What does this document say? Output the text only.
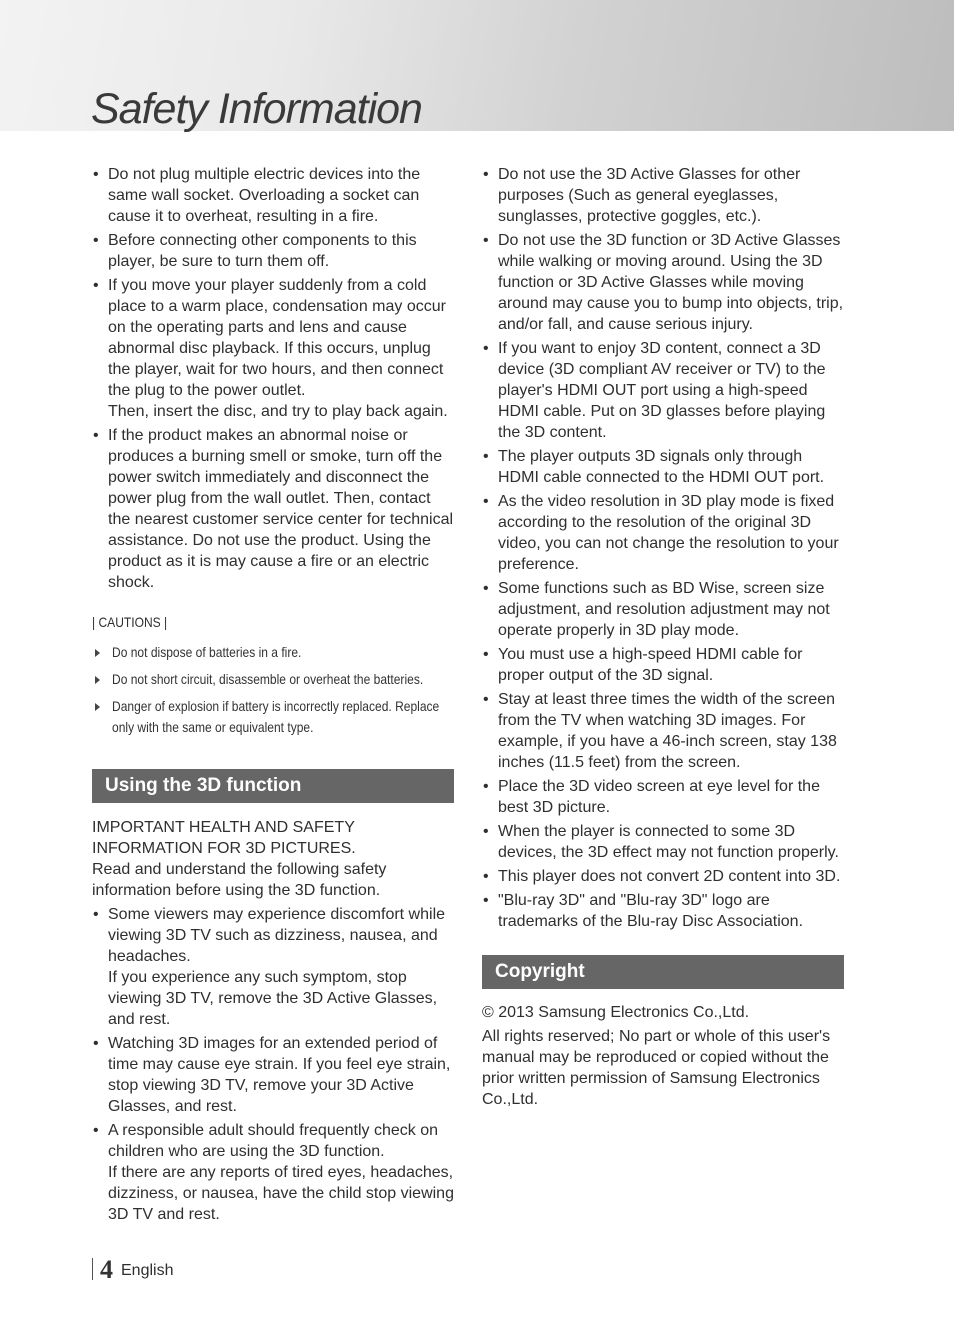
Safety Information
• Do not plug multiple electric devices into the same wall socket. Overloading a socket can cause it to overheat, resulting in a fire.
• Before connecting other components to this player, be sure to turn them off.
• If you move your player suddenly from a cold place to a warm place, condensation may occur on the operating parts and lens and cause abnormal disc playback. If this occurs, unplug the player, wait for two hours, and then connect the plug to the power outlet.
Then, insert the disc, and try to play back again.
• If the product makes an abnormal noise or produces a burning smell or smoke, turn off the power switch immediately and disconnect the power plug from the wall outlet. Then, contact the nearest customer service center for technical assistance. Do not use the product. Using the product as it is may cause a fire or an electric shock.
| CAUTIONS |
Do not dispose of batteries in a fire.
Do not short circuit, disassemble or overheat the batteries.
Danger of explosion if battery is incorrectly replaced. Replace only with the same or equivalent type.
Using the 3D function

IMPORTANT HEALTH AND SAFETY INFORMATION FOR 3D PICTURES.

Read and understand the following safety information before using the 3D function.

• Some viewers may experience discomfort while viewing 3D TV such as dizziness, nausea, and headaches.
If you experience any such symptom, stop viewing 3D TV, remove the 3D Active Glasses, and rest.
• Watching 3D images for an extended period of time may cause eye strain. If you feel eye strain, stop viewing 3D TV, remove your 3D Active Glasses, and rest.
• A responsible adult should frequently check on children who are using the 3D function.
If there are any reports of tired eyes, headaches, dizziness, or nausea, have the child stop viewing 3D TV and rest.
• Do not use the 3D Active Glasses for other purposes (Such as general eyeglasses, sunglasses, protective goggles, etc.).
• Do not use the 3D function or 3D Active Glasses while walking or moving around. Using the 3D function or 3D Active Glasses while moving around may cause you to bump into objects, trip, and/or fall, and cause serious injury.
• If you want to enjoy 3D content, connect a 3D device (3D compliant AV receiver or TV) to the player's HDMI OUT port using a high-speed HDMI cable. Put on 3D glasses before playing the 3D content.
• The player outputs 3D signals only through HDMI cable connected to the HDMI OUT port.
• As the video resolution in 3D play mode is fixed according to the resolution of the original 3D video, you can not change the resolution to your preference.
• Some functions such as BD Wise, screen size adjustment, and resolution adjustment may not operate properly in 3D play mode.
• You must use a high-speed HDMI cable for proper output of the 3D signal.
• Stay at least three times the width of the screen from the TV when watching 3D images. For example, if you have a 46-inch screen, stay 138 inches (11.5 feet) from the screen.
• Place the 3D video screen at eye level for the best 3D picture.
• When the player is connected to some 3D devices, the 3D effect may not function properly.
• This player does not convert 2D content into 3D.
• "Blu-ray 3D" and "Blu-ray 3D" logo are trademarks of the Blu-ray Disc Association.
Copyright

© 2013 Samsung Electronics Co.,Ltd.

All rights reserved; No part or whole of this user's manual may be reproduced or copied without the prior written permission of Samsung Electronics Co.,Ltd.

4 English
